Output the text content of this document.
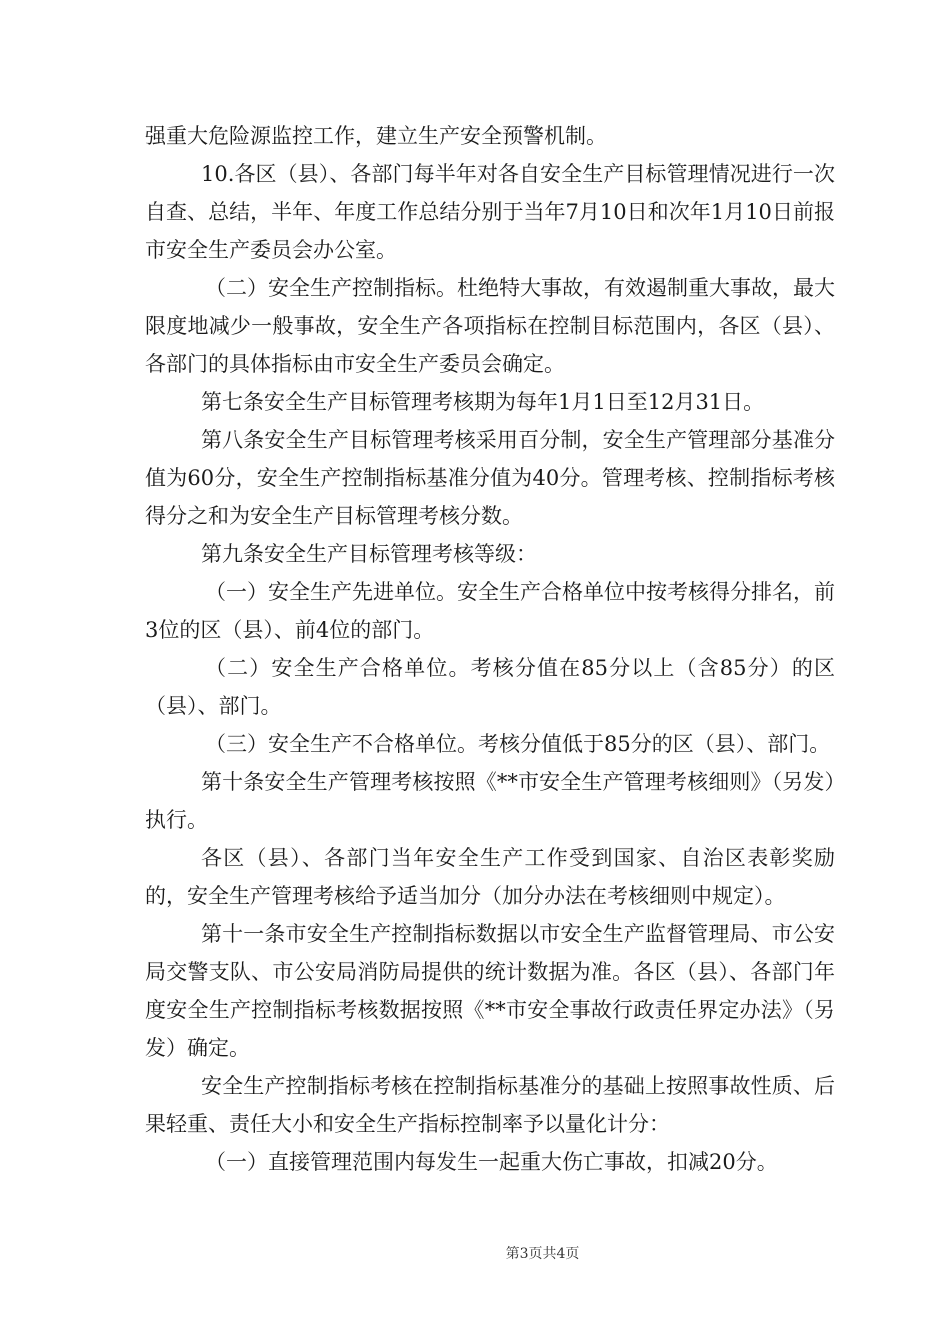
强重大危险源监控工作，建立生产安全预警机制。

10.各区（县）、各部门每半年对各自安全生产目标管理情况进行一次自查、总结，半年、年度工作总结分别于当年7月10日和次年1月10日前报市安全生产委员会办公室。

（二）安全生产控制指标。杜绝特大事故，有效遏制重大事故，最大限度地减少一般事故，安全生产各项指标在控制目标范围内，各区（县）、各部门的具体指标由市安全生产委员会确定。

第七条安全生产目标管理考核期为每年1月1日至12月31日。

第八条安全生产目标管理考核采用百分制，安全生产管理部分基准分值为60分，安全生产控制指标基准分值为40分。管理考核、控制指标考核得分之和为安全生产目标管理考核分数。

第九条安全生产目标管理考核等级：

（一）安全生产先进单位。安全生产合格单位中按考核得分排名，前3位的区（县）、前4位的部门。

（二）安全生产合格单位。考核分值在85分以上（含85分）的区（县）、部门。

（三）安全生产不合格单位。考核分值低于85分的区（县）、部门。

第十条安全生产管理考核按照《**市安全生产管理考核细则》（另发）执行。

各区（县）、各部门当年安全生产工作受到国家、自治区表彰奖励的，安全生产管理考核给予适当加分（加分办法在考核细则中规定）。

第十一条市安全生产控制指标数据以市安全生产监督管理局、市公安局交警支队、市公安局消防局提供的统计数据为准。各区（县）、各部门年度安全生产控制指标考核数据按照《**市安全事故行政责任界定办法》（另发）确定。

安全生产控制指标考核在控制指标基准分的基础上按照事故性质、后果轻重、责任大小和安全生产指标控制率予以量化计分：

（一）直接管理范围内每发生一起重大伤亡事故，扣减20分。

第3页共4页
